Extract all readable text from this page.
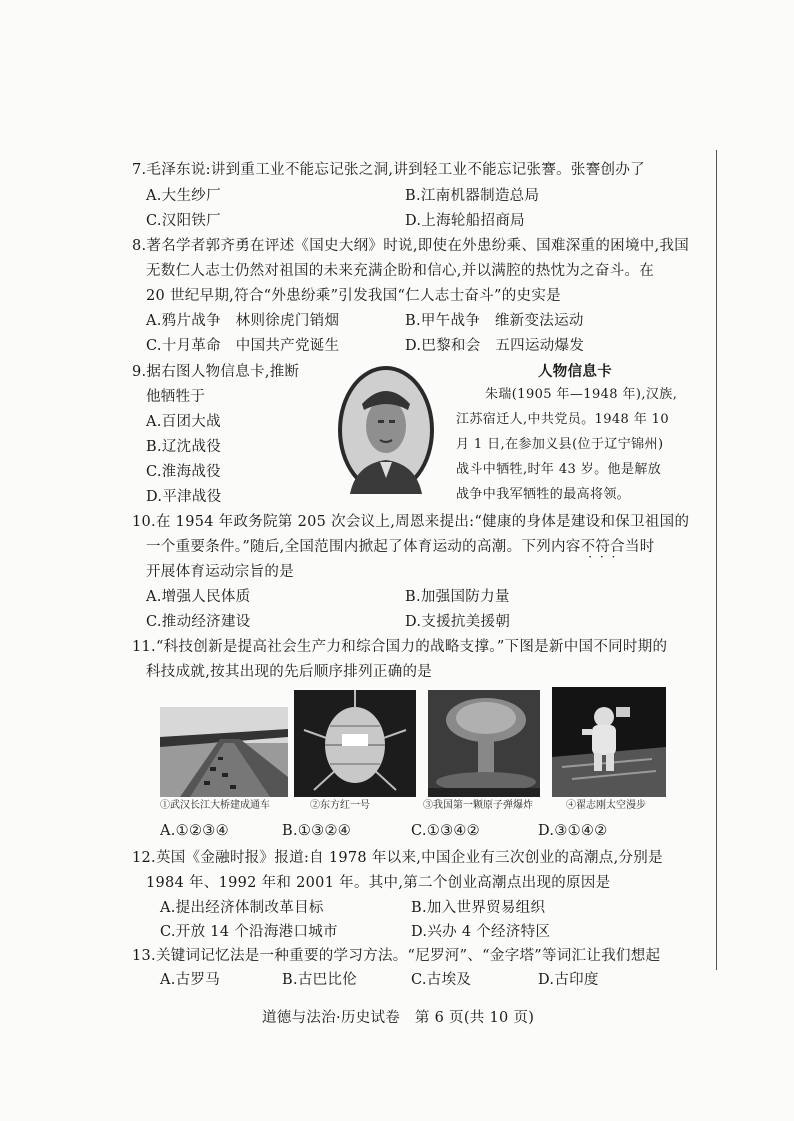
7.毛泽东说:讲到重工业不能忘记张之洞,讲到轻工业不能忘记张謇。张謇创办了
A.大生纱厂	B.江南机器制造总局
C.汉阳铁厂	D.上海轮船招商局
8.著名学者郭齐勇在评述《国史大纲》时说,即使在外患纷乘、国难深重的困境中,我国
无数仁人志士仍然对祖国的未来充满企盼和信心,并以满腔的热忱为之奋斗。在
20 世纪早期,符合“外患纷乘”引发我国“仁人志士奋斗”的史实是
A.鸦片战争　林则徐虎门销烟	B.甲午战争　维新变法运动
C.十月革命　中国共产党诞生	D.巴黎和会　五四运动爆发
9.据右图人物信息卡,推断
他牺牲于
A.百团大战
B.辽沈战役
C.淮海战役
D.平津战役
人物信息卡
朱瑞(1905 年—1948 年),汉族,
江苏宿迁人,中共党员。1948 年 10
月 1 日,在参加义县(位于辽宁锦州)
战斗中牺牲,时年 43 岁。他是解放
战争中我军牺牲的最高将领。
10.在 1954 年政务院第 205 次会议上,周恩来提出:“健康的身体是建设和保卫祖国的
一个重要条件。”随后,全国范围内掀起了体育运动的高潮。下列内容不符合 · · ·当时
开展体育运动宗旨的是
A.增强人民体质	B.加强国防力量
C.推动经济建设	D.支援抗美援朝
11.“科技创新是提高社会生产力和综合国力的战略支撑。”下图是新中国不同时期的
科技成就,按其出现的先后顺序排列正确的是
①武汉长江大桥建成通车	②东方红一号	③我国第一颗原子弹爆炸	④翟志刚太空漫步
A.①②③④	B.①③②④	C.①③④②	D.③①④②
12.英国《金融时报》报道:自 1978 年以来,中国企业有三次创业的高潮点,分别是
1984 年、1992 年和 2001 年。其中,第二个创业高潮点出现的原因是
A.提出经济体制改革目标	B.加入世界贸易组织
C.开放 14 个沿海港口城市	D.兴办 4 个经济特区
13.关键词记忆法是一种重要的学习方法。“尼罗河”、“金字塔”等词汇让我们想起
A.古罗马	B.古巴比伦	C.古埃及	D.古印度
道德与法治·历史试卷　第 6 页(共 10 页)
